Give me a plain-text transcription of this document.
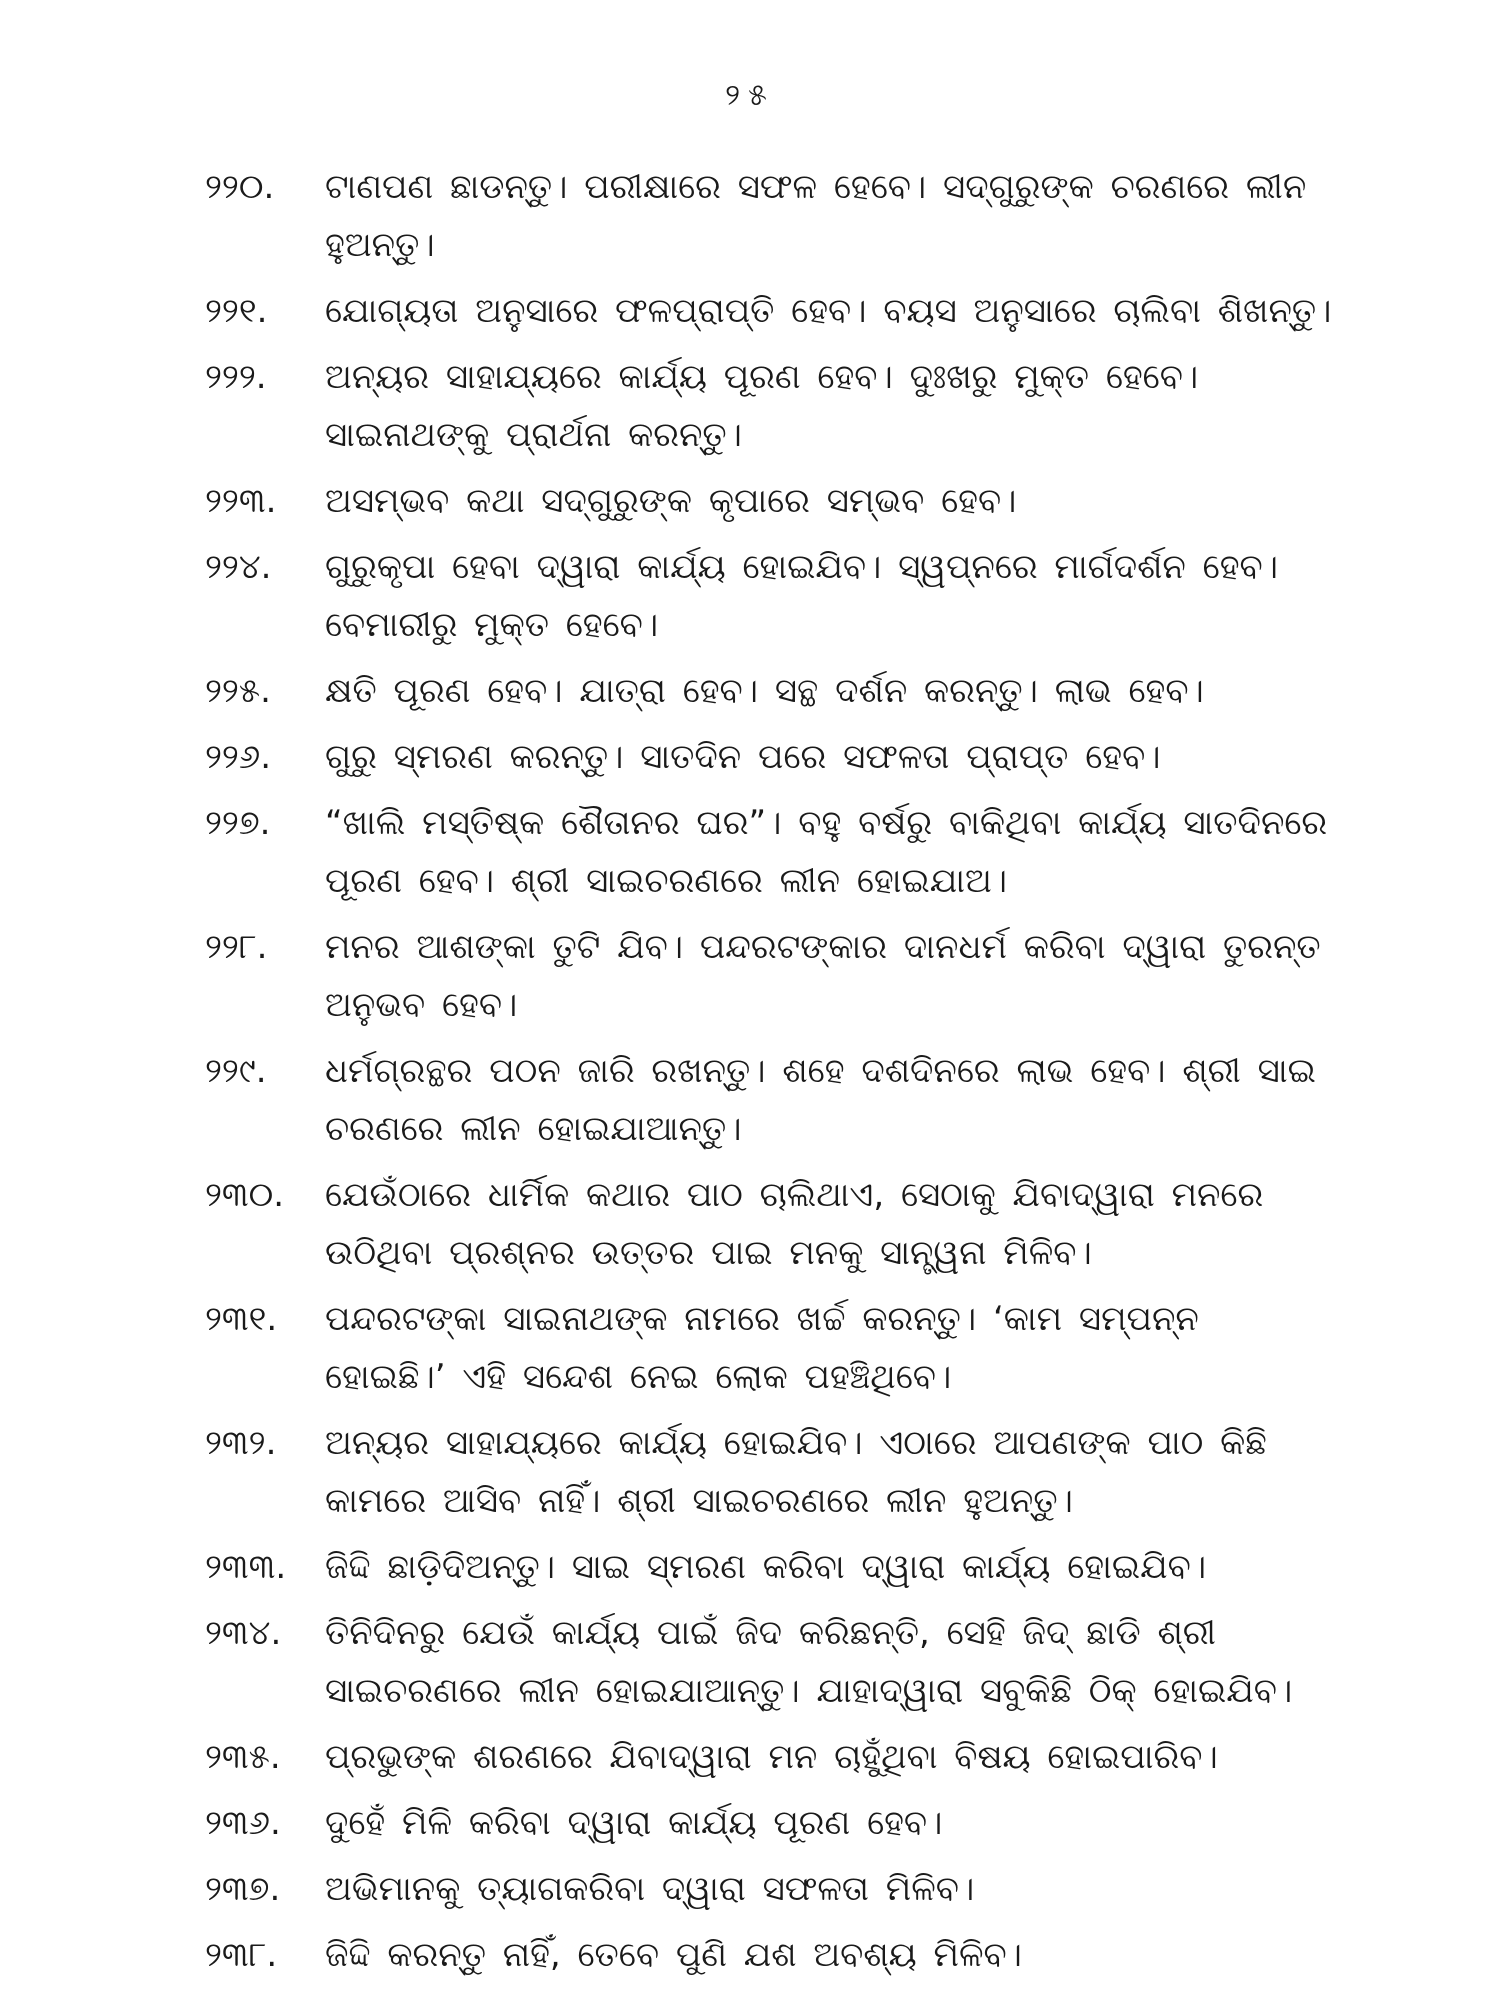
୨୫
୨୨୦.	ଟାଣପଣ ଛାଡନ୍ତୁ। ପରୀକ୍ଷାରେ ସଫଳ ହେବେ। ସଦ୍‌ଗୁରୁଙ୍କ ଚରଣରେ ଲୀନ ହୁଅନ୍ତୁ।
୨୨୧.	ଯୋଗ୍ୟତା ଅନୁସାରେ ଫଳପ୍ରାପ୍ତି ହେବ। ବୟସ ଅନୁସାରେ ଚାଲିବା ଶିଖନ୍ତୁ।
୨୨୨.	ଅନ୍ୟର ସାହାଯ୍ୟରେ କାର୍ଯ୍ୟ ପୂରଣ ହେବ। ଦୁଃଖରୁ ମୁକ୍ତ ହେବେ। ସାଇନାଥଙ୍କୁ ପ୍ରାର୍ଥନା କରନ୍ତୁ।
୨୨୩.	ଅସମ୍ଭବ କଥା ସଦ୍‌ଗୁରୁଙ୍କ କୃପାରେ ସମ୍ଭବ ହେବ।
୨୨୪.	ଗୁରୁକୃପା ହେବା ଦ୍ୱାରା କାର୍ଯ୍ୟ ହୋଇଯିବ। ସ୍ୱପ୍ନରେ ମାର୍ଗଦର୍ଶନ ହେବ। ବେମାରୀରୁ ମୁକ୍ତ ହେବେ।
୨୨୫.	କ୍ଷତି ପୂରଣ ହେବ। ଯାତ୍ରା ହେବ। ସନ୍ଥ ଦର୍ଶନ କରନ୍ତୁ। ଲାଭ ହେବ।
୨୨୬.	ଗୁରୁ ସ୍ମରଣ କରନ୍ତୁ। ସାତଦିନ ପରେ ସଫଳତା ପ୍ରାପ୍ତ ହେବ।
୨୨୭.	“ଖାଲି ମସ୍ତିଷ୍କ ଶୈତାନର ଘର”। ବହୁ ବର୍ଷରୁ ବାକିଥିବା କାର୍ଯ୍ୟ ସାତଦିନରେ ପୂରଣ ହେବ। ଶ୍ରୀ ସାଇଚରଣରେ ଲୀନ ହୋଇଯାଅ।
୨୨୮.	ମନର ଆଶଙ୍କା ତୁଟି ଯିବ। ପନ୍ଦରଟଙ୍କାର ଦାନଧର୍ମ କରିବା ଦ୍ୱାରା ତୁରନ୍ତ ଅନୁଭବ ହେବ।
୨୨୯.	ଧର୍ମଗ୍ରନ୍ଥର ପଠନ ଜାରି ରଖନ୍ତୁ। ଶହେ ଦଶଦିନରେ ଲାଭ ହେବ। ଶ୍ରୀ ସାଇ ଚରଣରେ ଲୀନ ହୋଇଯାଆନ୍ତୁ।
୨୩୦.	ଯେଉଁଠାରେ ଧାର୍ମିକ କଥାର ପାଠ ଚାଲିଥାଏ, ସେଠାକୁ ଯିବାଦ୍ୱାରା ମନରେ ଉଠିଥିବା ପ୍ରଶ୍ନର ଉତ୍ତର ପାଇ ମନକୁ ସାନ୍ତ୍ୱନା ମିଳିବ।
୨୩୧.	ପନ୍ଦରଟଙ୍କା ସାଇନାଥଙ୍କ ନାମରେ ଖର୍ଚ୍ଚ କରନ୍ତୁ। ‘କାମ ସମ୍ପନ୍ନ ହୋଇଛି।’ ଏହି ସନ୍ଦେଶ ନେଇ ଲୋକ ପହଞ୍ଚିଥିବେ।
୨୩୨.	ଅନ୍ୟର ସାହାଯ୍ୟରେ କାର୍ଯ୍ୟ ହୋଇଯିବ। ଏଠାରେ ଆପଣଙ୍କ ପାଠ କିଛି କାମରେ ଆସିବ ନାହିଁ। ଶ୍ରୀ ସାଇଚରଣରେ ଲୀନ ହୁଅନ୍ତୁ।
୨୩୩.	ଜିଦ୍ଦି ଛାଡ଼ିଦିଅନ୍ତୁ। ସାଇ ସ୍ମରଣ କରିବା ଦ୍ୱାରା କାର୍ଯ୍ୟ ହୋଇଯିବ।
୨୩୪.	ତିନିଦିନରୁ ଯେଉଁ କାର୍ଯ୍ୟ ପାଇଁ ଜିଦ କରିଛନ୍ତି, ସେହି ଜିଦ୍ ଛାଡି ଶ୍ରୀ ସାଇଚରଣରେ ଲୀନ ହୋଇଯାଆନ୍ତୁ। ଯାହାଦ୍ୱାରା ସବୁକିଛି ଠିକ୍ ହୋଇଯିବ।
୨୩୫.	ପ୍ରଭୁଙ୍କ ଶରଣରେ ଯିବାଦ୍ୱାରା ମନ ଚାହୁଁଥିବା ବିଷୟ ହୋଇପାରିବ।
୨୩୬.	ଦୁହେଁ ମିଳି କରିବା ଦ୍ୱାରା କାର୍ଯ୍ୟ ପୂରଣ ହେବ।
୨୩୭.	ଅଭିମାନକୁ ତ୍ୟାଗକରିବା ଦ୍ୱାରା ସଫଳତା ମିଳିବ।
୨୩୮.	ଜିଦ୍ଦି କରନ୍ତୁ ନାହିଁ, ତେବେ ପୁଣି ଯଶ ଅବଶ୍ୟ ମିଳିବ।
